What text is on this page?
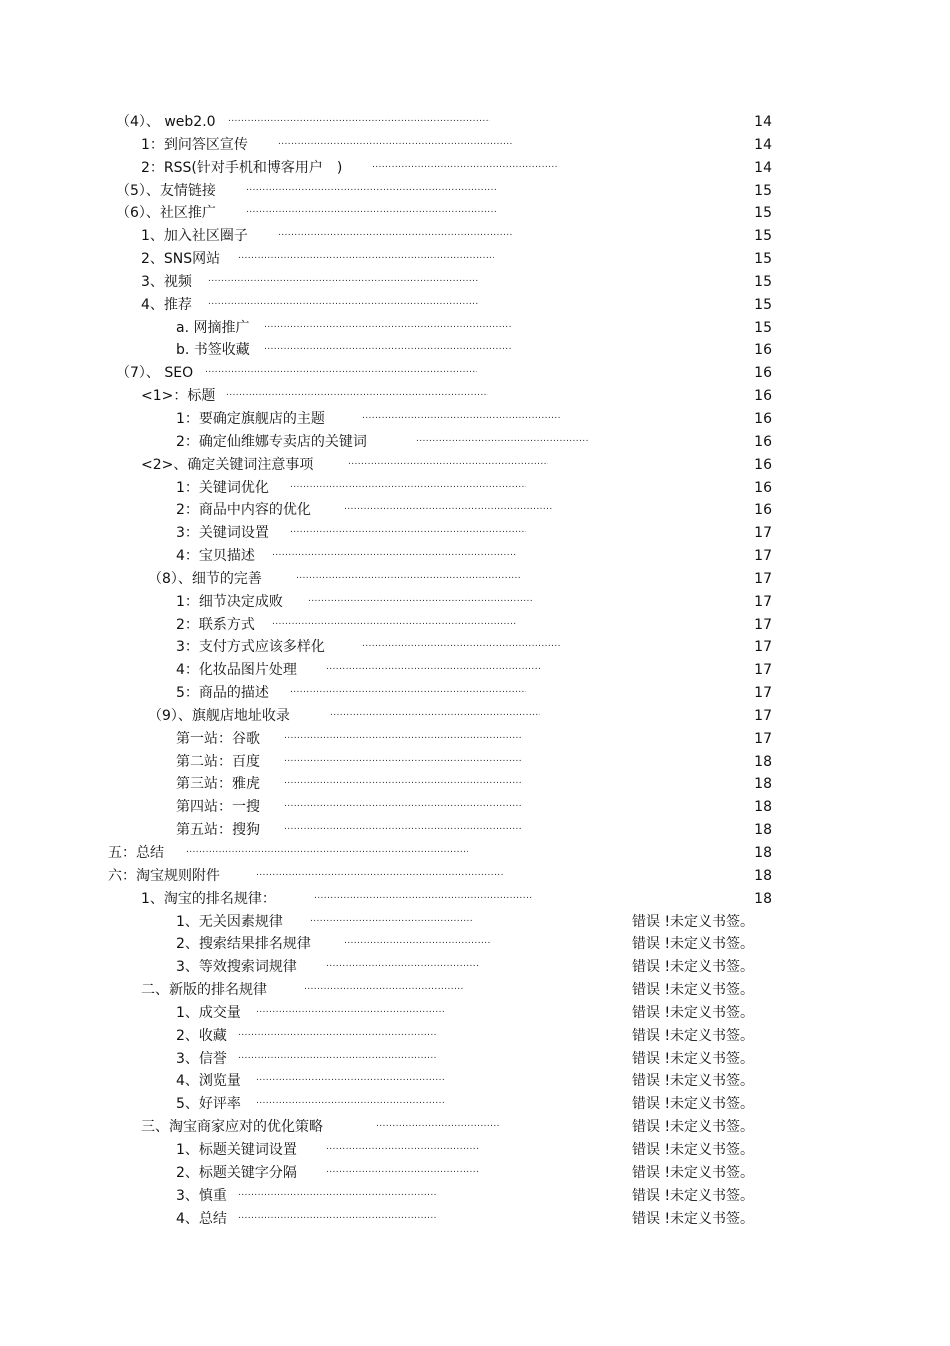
（4）、 web2.0 .....	14
1：到问答区宣传 .....	14
2：RSS(针对手机和博客用户　) .....	14
（5）、友情链接 .....	15
（6）、社区推广 .....	15
1、加入社区圈子 .....	15
2、SNS网站 .....	15
3、视频 .....	15
4、推荐 .....	15
a. 网摘推广 .....	15
b. 书签收藏 .....	16
（7）、 SEO .....	16
<1>：标题 .....	16
1：要确定旗舰店的主题 .....	16
2：确定仙维娜专卖店的关键词 .....	16
<2>、确定关键词注意事项 .....	16
1：关键词优化 .....	16
2：商品中内容的优化 .....	16
3：关键词设置 .....	17
4：宝贝描述 .....	17
（8）、细节的完善 .....	17
1：细节决定成败 .....	17
2：联系方式 .....	17
3：支付方式应该多样化 .....	17
4：化妆品图片处理 .....	17
5：商品的描述 .....	17
（9）、旗舰店地址收录 .....	17
第一站：谷歌 .....	17
第二站：百度 .....	18
第三站：雅虎 .....	18
第四站：一搜 .....	18
第五站：搜狗 .....	18
五：总结 .....	18
六：淘宝规则附件 .....	18
1、淘宝的排名规律： .....	18
1、无关因素规律 .....	错误 !未定义书签。
2、搜索结果排名规律 .....	错误 !未定义书签。
3、等效搜索词规律 .....	错误 !未定义书签。
二、新版的排名规律 .....	错误 !未定义书签。
1、成交量 .....	错误 !未定义书签。
2、收藏 .....	错误 !未定义书签。
3、信誉 .....	错误 !未定义书签。
4、浏览量 .....	错误 !未定义书签。
5、好评率 .....	错误 !未定义书签。
三、淘宝商家应对的优化策略 .....	错误 !未定义书签。
1、标题关键词设置 .....	错误 !未定义书签。
2、标题关键字分隔 .....	错误 !未定义书签。
3、慎重 .....	错误 !未定义书签。
4、总结 .....	错误 !未定义书签。
